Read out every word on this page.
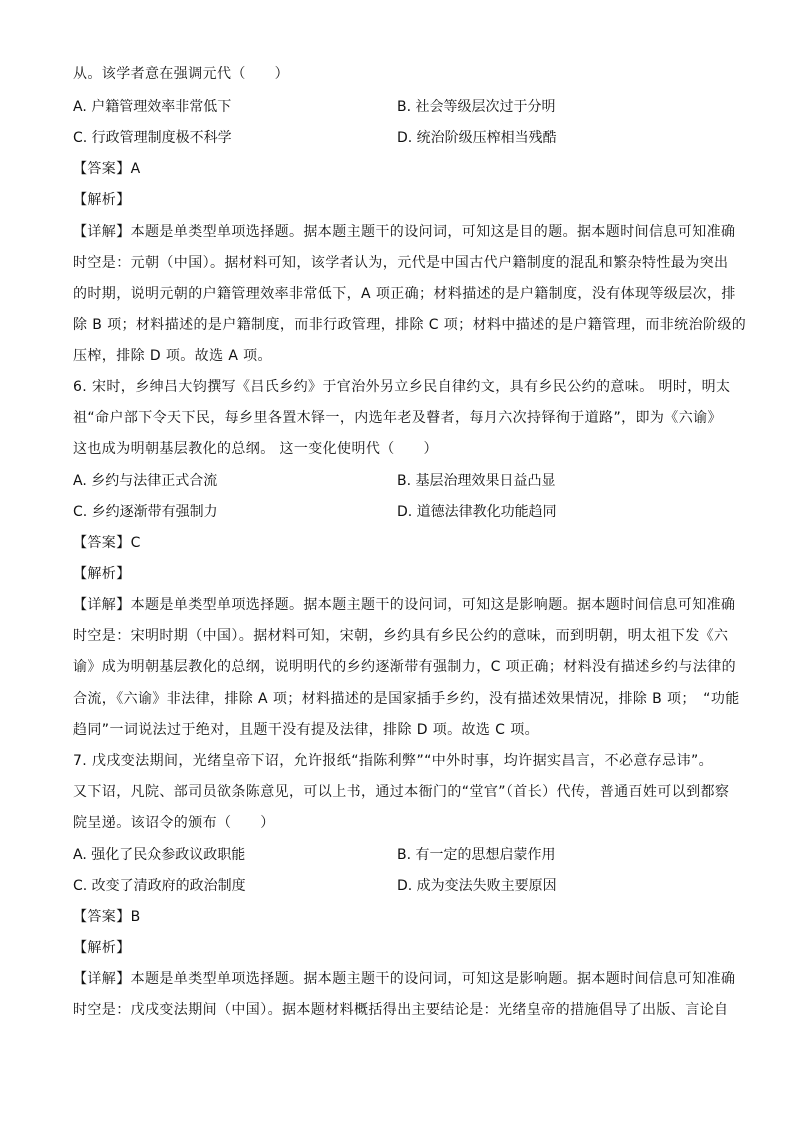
从。该学者意在强调元代（　　）
A. 户籍管理效率非常低下	B. 社会等级层次过于分明
C. 行政管理制度极不科学	D. 统治阶级压榨相当残酷
【答案】A
【解析】
【详解】本题是单类型单项选择题。据本题主题干的设问词，可知这是目的题。据本题时间信息可知准确
时空是：元朝（中国）。据材料可知，该学者认为，元代是中国古代户籍制度的混乱和繁杂特性最为突出
的时期，说明元朝的户籍管理效率非常低下，A 项正确；材料描述的是户籍制度，没有体现等级层次，排
除 B 项；材料描述的是户籍制度，而非行政管理，排除 C 项；材料中描述的是户籍管理，而非统治阶级的
压榨，排除 D 项。故选 A 项。
6. 宋时，乡绅吕大钧撰写《吕氏乡约》于官治外另立乡民自律约文，具有乡民公约的意味。 明时，明太
祖“命户部下令天下民，每乡里各置木铎一，内选年老及瞽者，每月六次持铎徇于道路”，即为《六谕》
这也成为明朝基层教化的总纲。 这一变化使明代（　　）
A. 乡约与法律正式合流	B. 基层治理效果日益凸显
C. 乡约逐渐带有强制力	D. 道德法律教化功能趋同
【答案】C
【解析】
【详解】本题是单类型单项选择题。据本题主题干的设问词，可知这是影响题。据本题时间信息可知准确
时空是：宋明时期（中国）。据材料可知，宋朝，乡约具有乡民公约的意味，而到明朝，明太祖下发《六
谕》成为明朝基层教化的总纲，说明明代的乡约逐渐带有强制力，C 项正确；材料没有描述乡约与法律的
合流，《六谕》非法律，排除 A 项；材料描述的是国家插手乡约，没有描述效果情况，排除 B 项；　“功能
趋同”一词说法过于绝对，且题干没有提及法律，排除 D 项。故选 C 项。
7. 戊戌变法期间，光绪皇帝下诏，允许报纸“指陈利弊”“中外时事，均许据实昌言，不必意存忌讳”。
又下诏，凡院、部司员欲条陈意见，可以上书，通过本衙门的“堂官”（首长）代传，普通百姓可以到都察
院呈递。该诏令的颁布（　　）
A. 强化了民众参政议政职能	B. 有一定的思想启蒙作用
C. 改变了清政府的政治制度	D. 成为变法失败主要原因
【答案】B
【解析】
【详解】本题是单类型单项选择题。据本题主题干的设问词，可知这是影响题。据本题时间信息可知准确
时空是：戊戌变法期间（中国）。据本题材料概括得出主要结论是：光绪皇帝的措施倡导了出版、言论自
